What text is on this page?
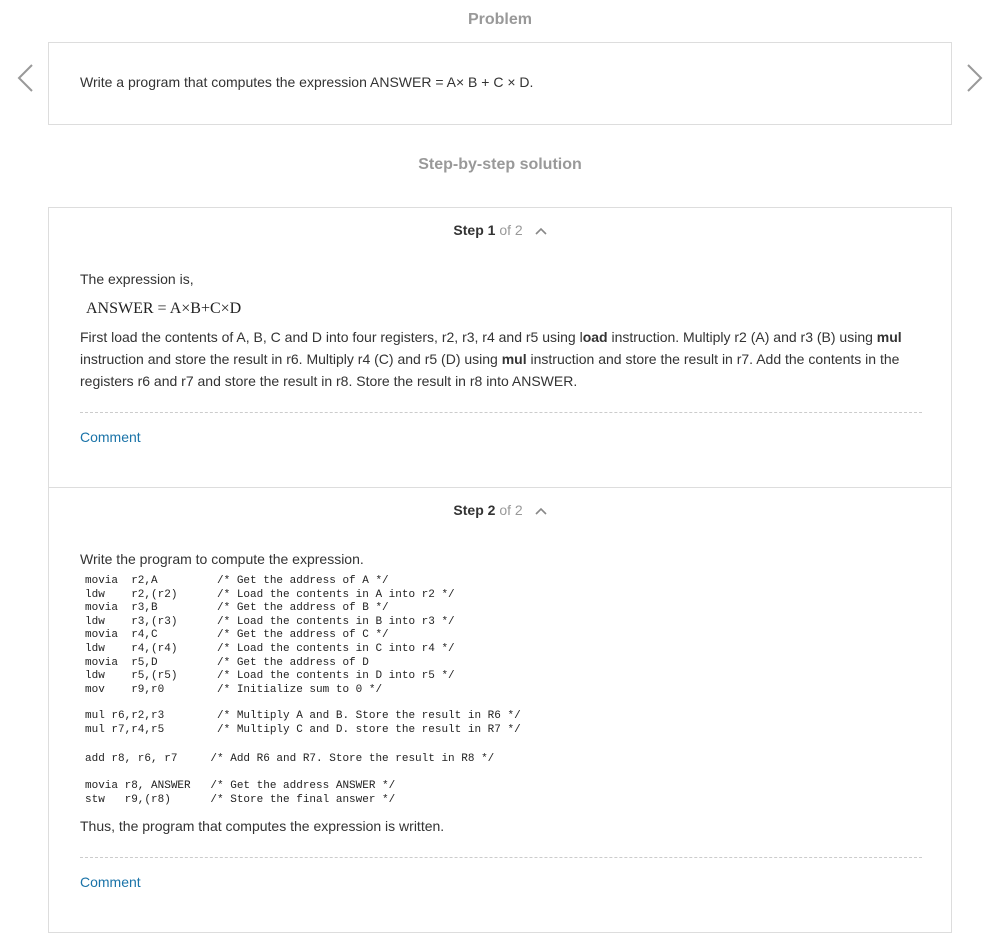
Problem
Write a program that computes the expression ANSWER = A× B + C × D.
Step-by-step solution
Step 1 of 2
The expression is,
ANSWER = A×B+C×D
First load the contents of A, B, C and D into four registers, r2, r3, r4 and r5 using load instruction. Multiply r2 (A) and r3 (B) using mul instruction and store the result in r6. Multiply r4 (C) and r5 (D) using mul instruction and store the result in r7. Add the contents in the registers r6 and r7 and store the result in r8. Store the result in r8 into ANSWER.
Comment
Step 2 of 2
Write the program to compute the expression.
movia  r2,A         /* Get the address of A */
ldw    r2,(r2)      /* Load the contents in A into r2 */
movia  r3,B         /* Get the address of B */
ldw    r3,(r3)      /* Load the contents in B into r3 */
movia  r4,C         /* Get the address of C */
ldw    r4,(r4)      /* Load the contents in C into r4 */
movia  r5,D         /* Get the address of D
ldw    r5,(r5)      /* Load the contents in D into r5 */
mov    r9,r0        /* Initialize sum to 0 */
mul r6,r2,r3        /* Multiply A and B. Store the result in R6 */
mul r7,r4,r5        /* Multiply C and D. store the result in R7 */
add r8, r6, r7     /* Add R6 and R7. Store the result in R8 */
movia r8, ANSWER   /* Get the address ANSWER */
stw   r9,(r8)      /* Store the final answer */
Thus, the program that computes the expression is written.
Comment
